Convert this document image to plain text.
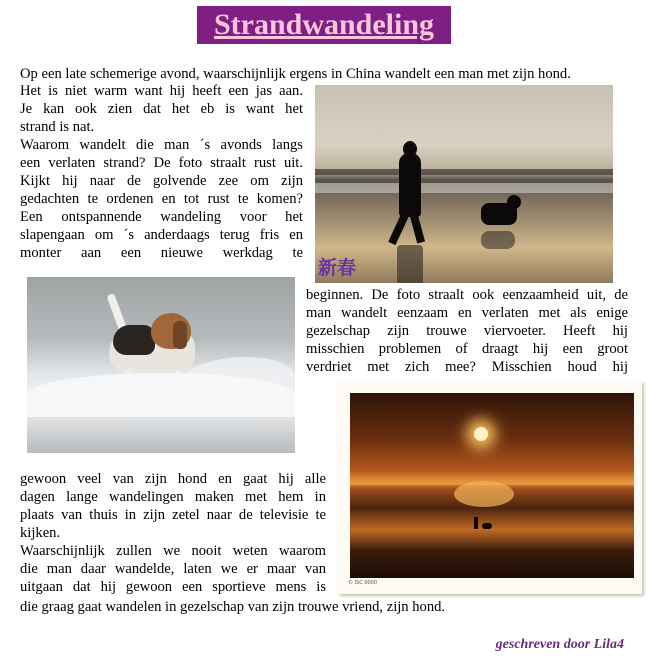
Strandwandeling
Op een late schemerige avond, waarschijnlijk ergens in China wandelt een man met zijn hond.
Het is niet warm want hij heeft een jas aan.
Je kan ook zien dat het eb is want het
strand is nat.
Waarom wandelt die man ´s avonds langs
een verlaten strand? De foto straalt rust uit.
Kijkt hij naar de golvende zee om zijn
gedachten te ordenen en tot rust te komen?
Een ontspannende wandeling voor het
slapengaan om ´s anderdaags terug fris en
monter aan een nieuwe werkdag te
新春
beginnen. De foto straalt ook eenzaamheid uit, de
man wandelt eenzaam en verlaten met als enige
gezelschap zijn trouwe viervoeter. Heeft hij
misschien problemen of draagt hij een groot
verdriet met zich mee? Misschien houd hij
© ISC 0000
gewoon veel van zijn hond en gaat hij alle
dagen lange wandelingen maken met hem in
plaats van thuis in zijn zetel naar de televisie te
kijken.
Waarschijnlijk zullen we nooit weten waarom
die man daar wandelde, laten we er maar van
uitgaan dat hij gewoon een sportieve mens is
die graag gaat wandelen in gezelschap van zijn trouwe vriend, zijn hond.
geschreven door Lila4
